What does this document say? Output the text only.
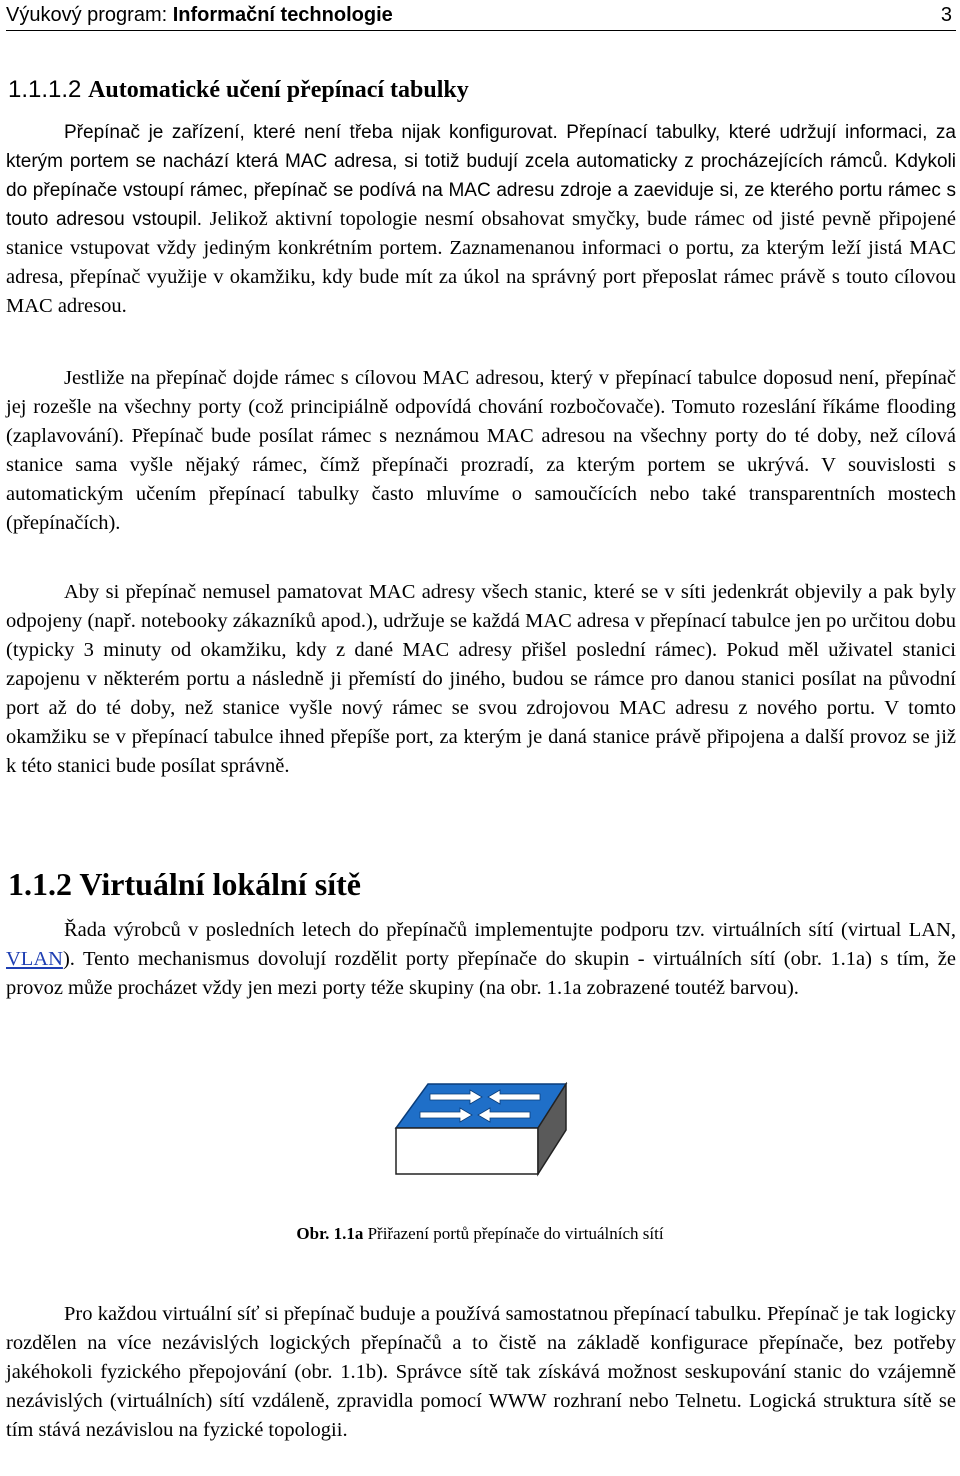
Výukový program: Informační technologie	3
1.1.1.2 Automatické učení přepínací tabulky

Přepínač je zařízení, které není třeba nijak konfigurovat. Přepínací tabulky, které udržují informaci, za kterým portem se nachází která MAC adresa, si totiž budují zcela automaticky z procházejících rámců. Kdykoli do přepínače vstoupí rámec, přepínač se podívá na MAC adresu zdroje a zaeviduje si, ze kterého portu rámec s touto adresou vstoupil. Jelikož aktivní topologie nesmí obsahovat smyčky, bude rámec od jisté pevně připojené stanice vstupovat vždy jediným konkrétním portem. Zaznamenanou informaci o portu, za kterým leží jistá MAC adresa, přepínač využije v okamžiku, kdy bude mít za úkol na správný port přeposlat rámec právě s touto cílovou MAC adresou.

Jestliže na přepínač dojde rámec s cílovou MAC adresou, který v přepínací tabulce doposud není, přepínač jej rozešle na všechny porty (což principiálně odpovídá chování rozbočovače). Tomuto rozeslání říkáme flooding (zaplavování). Přepínač bude posílat rámec s neznámou MAC adresou na všechny porty do té doby, než cílová stanice sama vyšle nějaký rámec, čímž přepínači prozradí, za kterým portem se ukrývá. V souvislosti s automatickým učením přepínací tabulky často mluvíme o samoučících nebo také transparentních mostech (přepínačích).

Aby si přepínač nemusel pamatovat MAC adresy všech stanic, které se v síti jedenkrát objevily a pak byly odpojeny (např. notebooky zákazníků apod.), udržuje se každá MAC adresa v přepínací tabulce jen po určitou dobu (typicky 3 minuty od okamžiku, kdy z dané MAC adresy přišel poslední rámec). Pokud měl uživatel stanici zapojenu v některém portu a následně ji přemístí do jiného, budou se rámce pro danou stanici posílat na původní port až do té doby, než stanice vyšle nový rámec se svou zdrojovou MAC adresu z nového portu. V tomto okamžiku se v přepínací tabulce ihned přepíše port, za kterým je daná stanice právě připojena a další provoz se již k této stanici bude posílat správně.

1.1.2 Virtuální lokální sítě

Řada výrobců v posledních letech do přepínačů implementujte podporu tzv. virtuálních sítí (virtual LAN, VLAN). Tento mechanismus dovolují rozdělit porty přepínače do skupin - virtuálních sítí (obr. 1.1a) s tím, že provoz může procházet vždy jen mezi porty téže skupiny (na obr. 1.1a zobrazené toutéž barvou).

Obr. 1.1a Přiřazení portů přepínače do virtuálních sítí

Pro každou virtuální síť si přepínač buduje a používá samostatnou přepínací tabulku. Přepínač je tak logicky rozdělen na více nezávislých logických přepínačů a to čistě na základě konfigurace přepínače, bez potřeby jakéhokoli fyzického přepojování (obr. 1.1b). Správce sítě tak získává možnost seskupování stanic do vzájemně nezávislých (virtuálních) sítí vzdáleně, zpravidla pomocí WWW rozhraní nebo Telnetu. Logická struktura sítě se tím stává nezávislou na fyzické topologii.
